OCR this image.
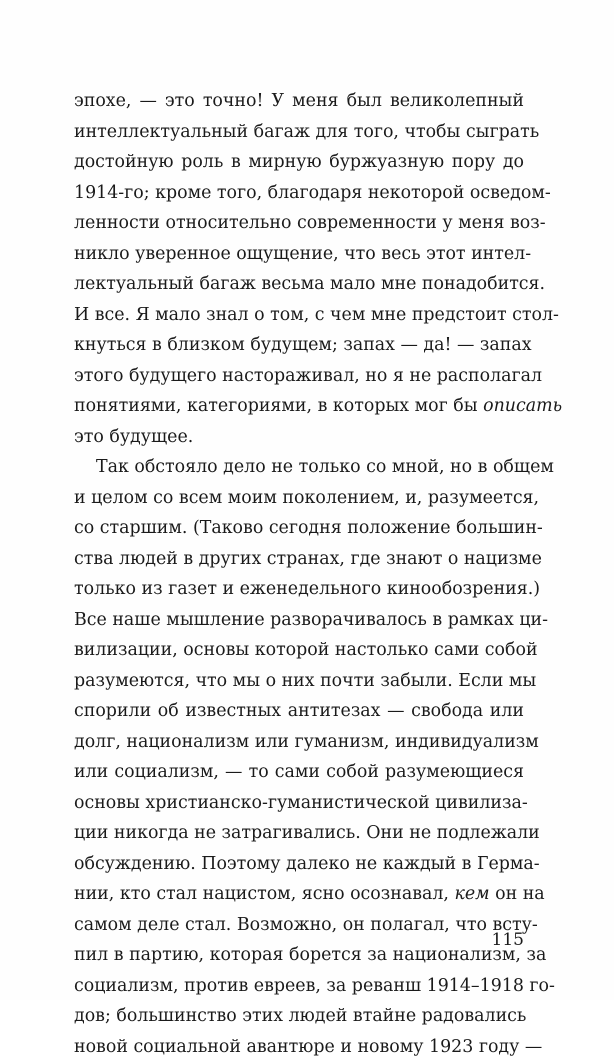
эпохе, — это точно! У меня был великолепный
интеллектуальный багаж для того, чтобы сыграть
достойную роль в мирную буржуазную пору до
1914-го; кроме того, благодаря некоторой осведом-
ленности относительно современности у меня воз-
никло уверенное ощущение, что весь этот интел-
лектуальный багаж весьма мало мне понадобится.
И все. Я мало знал о том, с чем мне предстоит стол-
кнуться в близком будущем; запах — да! — запах
этого будущего настораживал, но я не располагал
понятиями, категориями, в которых мог бы описать
это будущее.
Так обстояло дело не только со мной, но в общем
и целом со всем моим поколением, и, разумеется,
со старшим. (Таково сегодня положение большин-
ства людей в других странах, где знают о нацизме
только из газет и еженедельного кинообозрения.)
Все наше мышление разворачивалось в рамках ци-
вилизации, основы которой настолько сами собой
разумеются, что мы о них почти забыли. Если мы
спорили об известных антитезах — свобода или
долг, национализм или гуманизм, индивидуализм
или социализм, — то сами собой разумеющиеся
основы христианско-гуманистической цивилиза-
ции никогда не затрагивались. Они не подлежали
обсуждению. Поэтому далеко не каждый в Герма-
нии, кто стал нацистом, ясно осознавал, кем он на
самом деле стал. Возможно, он полагал, что всту-
пил в партию, которая борется за национализм, за
социализм, против евреев, за реванш 1914–1918 го-
дов; большинство этих людей втайне радовались
новой социальной авантюре и новому 1923 году —
115
